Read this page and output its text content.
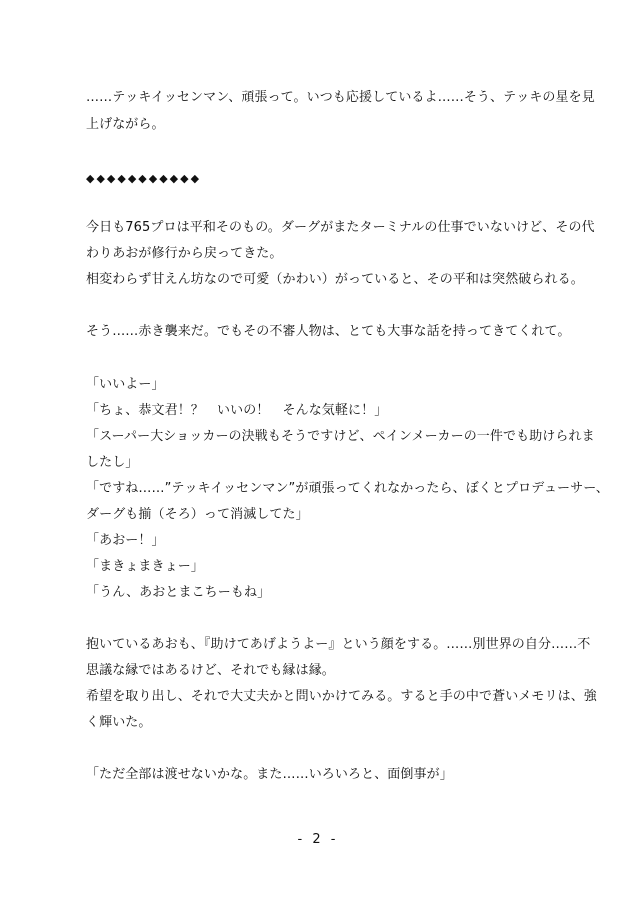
……テッキイッセンマン、頑張って。いつも応援しているよ……そう、テッキの星を見
上げながら。
◆◆◆◆◆◆◆◆◆◆◆
今日も765プロは平和そのもの。ダーグがまたターミナルの仕事でいないけど、その代
わりあおが修行から戻ってきた。
相変わらず甘えん坊なので可愛（かわい）がっていると、その平和は突然破られる。
そう……赤き襲来だ。でもその不審人物は、とても大事な話を持ってきてくれて。
「いいよー」
「ちょ、恭文君！？　いいの！　そんな気軽に！」
「スーパー大ショッカーの決戦もそうですけど、ペインメーカーの一件でも助けられま
したし」
「ですね……”テッキイッセンマン”が頑張ってくれなかったら、ぼくとプロデューサー、
ダーグも揃（そろ）って消滅してた」
「あおー！」
「まきょまきょー」
「うん、あおとまこちーもね」
抱いているあおも、『助けてあげようよー』という顔をする。……別世界の自分……不
思議な縁ではあるけど、それでも縁は縁。
希望を取り出し、それで大丈夫かと問いかけてみる。すると手の中で蒼いメモリは、強
く輝いた。
「ただ全部は渡せないかな。また……いろいろと、面倒事が」
- 2 -
